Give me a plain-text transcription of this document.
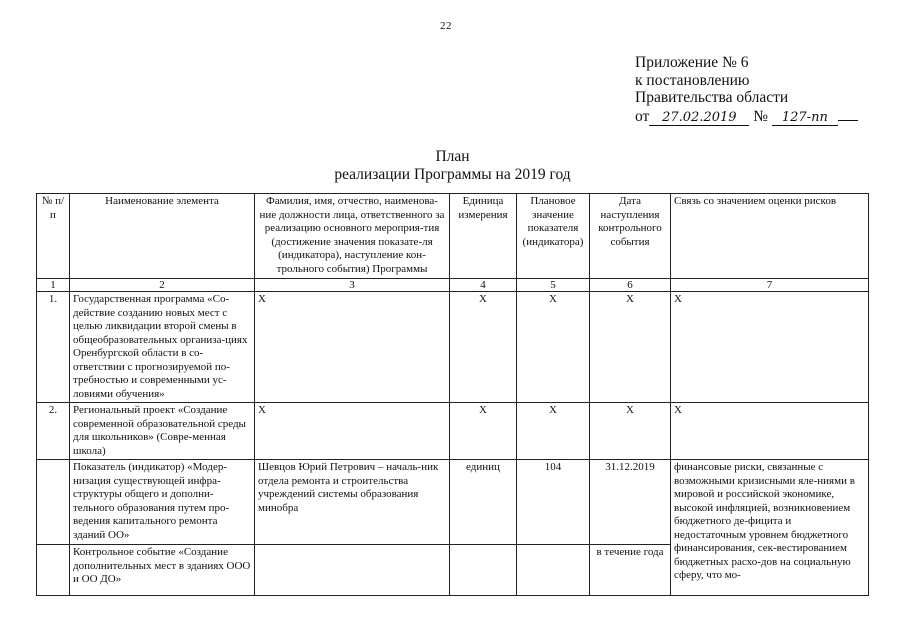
22
Приложение № 6
к постановлению
Правительства области
от 27.02.2019 № 127-пп
План
реализации Программы на 2019 год
№ п/п	Наименование элемента	Фамилия, имя, отчество, наименова-ние должности лица, ответственного за реализацию основного мероприя-тия (достижение значения показате-ля (индикатора), наступление кон-трольного события) Программы	Единица измерения	Плановое значение показателя (индикатора)	Дата наступления контрольного события	Связь со значением оценки рисков
1	2	3	4	5	6	7
1.	Государственная программа «Со-действие созданию новых мест с целью ликвидации второй смены в общеобразовательных организа-циях Оренбургской области в со-ответствии с прогнозируемой по-требностью и современными ус-ловиями обучения»	Х	Х	Х	Х	Х
2.	Региональный проект «Создание современной образовательной среды для школьников» (Совре-менная школа)	Х	Х	Х	Х	Х
	Показатель (индикатор) «Модер-низация существующей инфра-структуры общего и дополни-тельного образования путем про-ведения капитального ремонта зданий ОО»	Шевцов Юрий Петрович – началь-ник отдела ремонта и строительства учреждений системы образования минобра	единиц	104	31.12.2019	финансовые риски, связанные с возможными кризисными яле-ниями в мировой и российской экономике, высокой инфляцией, возникновением бюджетного де-фицита и недостаточным уровнем бюджетного финансирования, сек-вестированием бюджетных расхо-дов на социальную сферу, что мо-
	Контрольное событие «Создание дополнительных мест в зданиях ООО и ОО ДО»				в течение года	
